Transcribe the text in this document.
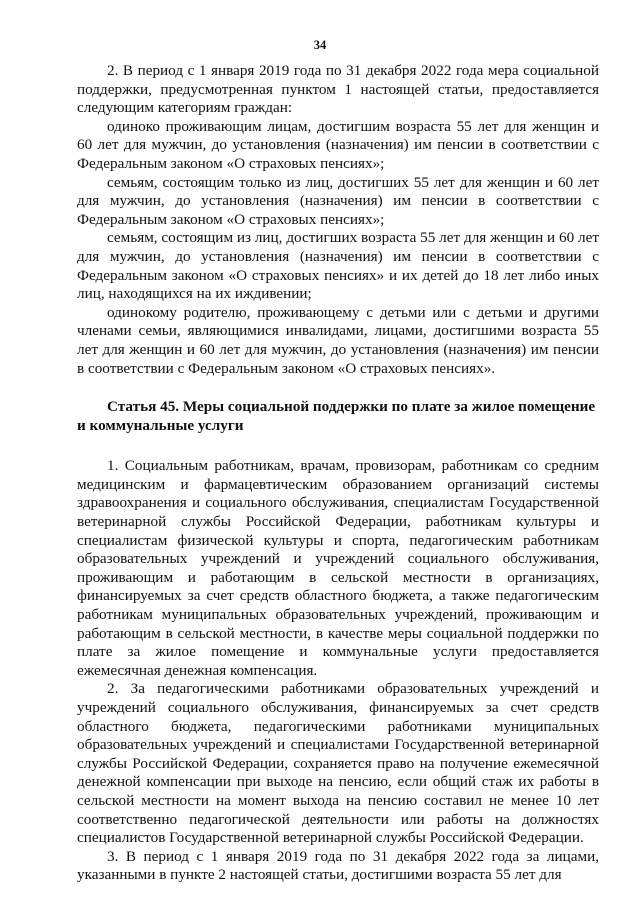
34

2. В период с 1 января 2019 года по 31 декабря 2022 года мера социальной поддержки, предусмотренная пунктом 1 настоящей статьи, предоставляется следующим категориям граждан:

одиноко проживающим лицам, достигшим возраста 55 лет для женщин и 60 лет для мужчин, до установления (назначения) им пенсии в соответствии с Федеральным законом «О страховых пенсиях»;

семьям, состоящим только из лиц, достигших 55 лет для женщин и 60 лет для мужчин, до установления (назначения) им пенсии в соответствии с Федеральным законом «О страховых пенсиях»;

семьям, состоящим из лиц, достигших возраста 55 лет для женщин и 60 лет для мужчин, до установления (назначения) им пенсии в соответствии с Федеральным законом «О страховых пенсиях» и их детей до 18 лет либо иных лиц, находящихся на их иждивении;

одинокому родителю, проживающему с детьми или с детьми и другими членами семьи, являющимися инвалидами, лицами, достигшими возраста 55 лет для женщин и 60 лет для мужчин, до установления (назначения) им пенсии в соответствии с Федеральным законом «О страховых пенсиях».

Статья 45. Меры социальной поддержки по плате за жилое помещение и коммунальные услуги

1. Социальным работникам, врачам, провизорам, работникам со средним медицинским и фармацевтическим образованием организаций системы здравоохранения и социального обслуживания, специалистам Государственной ветеринарной службы Российской Федерации, работникам культуры и специалистам физической культуры и спорта, педагогическим работникам образовательных учреждений и учреждений социального обслуживания, проживающим и работающим в сельской местности в организациях, финансируемых за счет средств областного бюджета, а также педагогическим работникам муниципальных образовательных учреждений, проживающим и работающим в сельской местности, в качестве меры социальной поддержки по плате за жилое помещение и коммунальные услуги предоставляется ежемесячная денежная компенсация.

2. За педагогическими работниками образовательных учреждений и учреждений социального обслуживания, финансируемых за счет средств областного бюджета, педагогическими работниками муниципальных образовательных учреждений и специалистами Государственной ветеринарной службы Российской Федерации, сохраняется право на получение ежемесячной денежной компенсации при выходе на пенсию, если общий стаж их работы в сельской местности на момент выхода на пенсию составил не менее 10 лет соответственно педагогической деятельности или работы на должностях специалистов Государственной ветеринарной службы Российской Федерации.

3. В период с 1 января 2019 года по 31 декабря 2022 года за лицами, указанными в пункте 2 настоящей статьи, достигшими возраста 55 лет для
